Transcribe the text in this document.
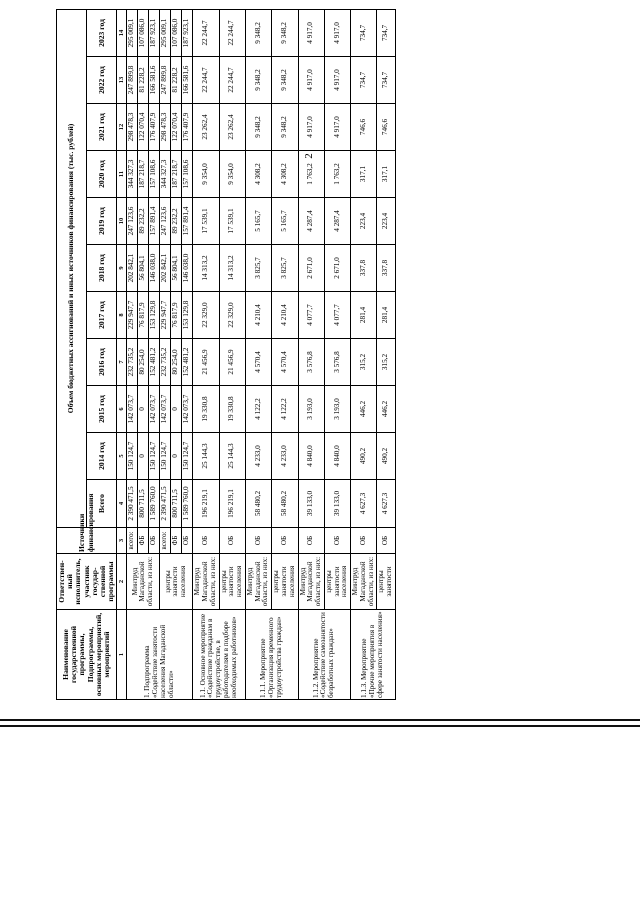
2
Наименование государственной программы, Подпрограммы, основных мероприятий, мероприятий	Ответствен-ный исполнитель, участник государ-ственной программы	Источники финансирования	Объем бюджетных ассигнований и иных источников финансирования (тыс. рублей)										
			Всего	2014 год	2015 год	2016 год	2017 год	2018 год	2019 год	2020 год	2021 год	2022 год	2023 год
1	2	3	4	5	6	7	8	9	10	11	12	13	14
1. Подпрограмма «Содействие занятости населения Магаданской области»	Минтруд Магаданской области, из них:	всего:	2 390 471,5	150 124,7	142 073,7	232 735,2	229 947,7	202 842,1	247 123,6	344 327,3	298 478,3	247 899,8	295 009,1
		ФБ	800 711,5	0	0	80 254,0	76 817,9	56 804,1	89 232,2	187 218,7	122 070,4	81 228,2	107 086,0
		ОБ	1 589 760,0	150 124,7	142 073,7	152 481,2	153 129,8	146 038,0	157 891,4	157 108,6	176 407,9	166 581,6	187 923,1
	центры занятости населения	всего:	2 390 471,5	150 124,7	142 073,7	232 735,2	229 947,7	202 842,1	247 123,6	344 327,3	298 478,3	247 899,8	295 009,1
		ФБ	800 711,5	0	0	80 254,0	76 817,9	56 804,1	89 232,2	187 218,7	122 070,4	81 228,2	107 086,0
		ОБ	1 589 760,0	150 124,7	142 073,7	152 481,2	153 129,8	146 038,0	157 891,4	157 108,6	176 407,9	166 581,6	187 923,1
1.1. Основное мероприятие «Содействие гражданам в трудоустройстве, в работодателям в подборе необходимых работников»	Минтруд Магаданской области, из них:	ОБ	196 219,1	25 144,3	19 330,8	21 456,9	22 329,0	14 313,2	17 539,1	9 354,0	23 262,4	22 244,7	22 244,7
	центры занятости населения	ОБ	196 219,1	25 144,3	19 330,8	21 456,9	22 329,0	14 313,2	17 539,1	9 354,0	23 262,4	22 244,7	22 244,7
1.1.1. Мероприятие «Организация временного трудоустройства граждан»	Минтруд Магаданской области, из них:	ОБ	58 480,2	4 233,0	4 122,2	4 570,4	4 210,4	3 825,7	5 165,7	4 308,2	9 348,2	9 348,2	9 348,2
	центры занятости населения	ОБ	58 480,2	4 233,0	4 122,2	4 570,4	4 210,4	3 825,7	5 165,7	4 308,2	9 348,2	9 348,2	9 348,2
1.1.2. Мероприятие «Содействие самозанятости безработных граждан»	Минтруд Магаданской области, из них:	ОБ	39 133,0	4 840,0	3 193,0	3 576,8	4 077,7	2 671,0	4 287,4	1 763,2	4 917,0	4 917,0	4 917,0
	центры занятости населения	ОБ	39 133,0	4 840,0	3 193,0	3 576,8	4 077,7	2 671,0	4 287,4	1 763,2	4 917,0	4 917,0	4 917,0
1.1.3. Мероприятие «Прочие мероприятия в сфере занятости населения»	Минтруд Магаданской области, из них:	ОБ	4 627,3	490,2	446,2	315,2	281,4	337,8	223,4	317,1	746,6	734,7	734,7
	центры занятости	ОБ	4 627,3	490,2	446,2	315,2	281,4	337,8	223,4	317,1	746,6	734,7	734,7
